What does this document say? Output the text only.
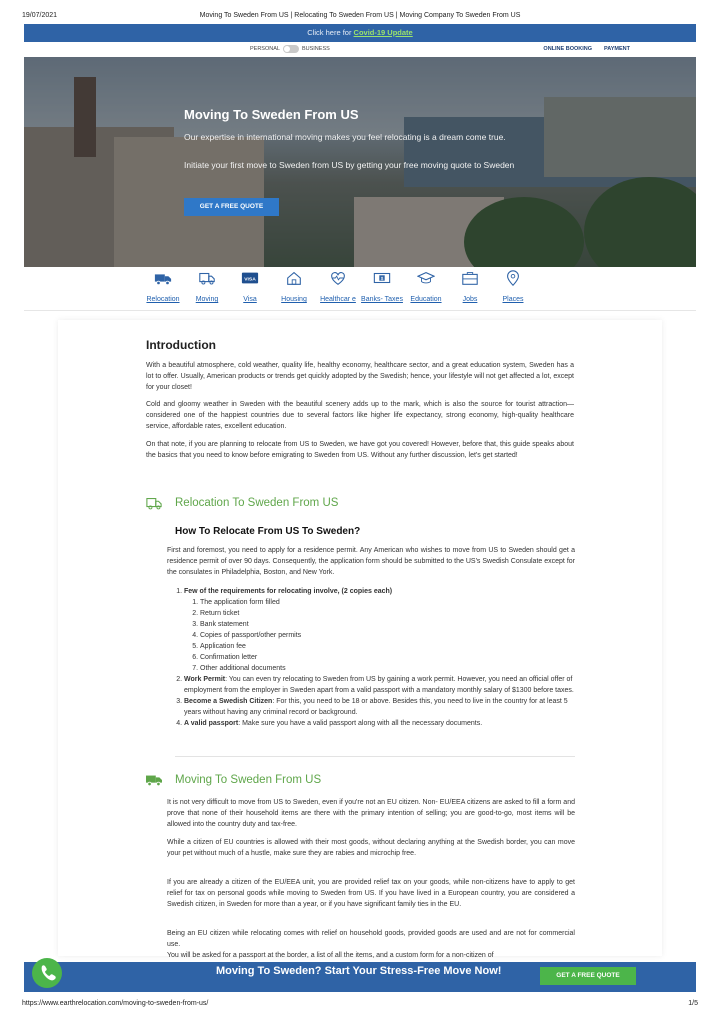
19/07/2021	Moving To Sweden From US | Relocating To Sweden From US | Moving Company To Sweden From US
Click here for Covid-19 Update
PERSONAL	BUSINESS	ONLINE BOOKING PAYMENT
Moving To Sweden From US

Our expertise in international moving makes you feel relocating is a dream come true.

Initiate your first move to Sweden from US by getting your free moving quote to Sweden

GET A FREE QUOTE
Relocation	Moving
VISA
Visa	Housing	Healthcar e
$
Banks- Taxes	Education	Jobs	Places
Introduction

With a beautiful atmosphere, cold weather, quality life, healthy economy, healthcare sector, and a great education system, Sweden has a lot to offer. Usually, American products or trends get quickly adopted by the Swedish; hence, your lifestyle will not get affected a lot, except for your closet!

Cold and gloomy weather in Sweden with the beautiful scenery adds up to the mark, which is also the source for tourist attraction—considered one of the happiest countries due to several factors like higher life expectancy, strong economy, high-quality healthcare service, affordable rates, excellent education.

On that note, if you are planning to relocate from US to Sweden, we have got you covered! However, before that, this guide speaks about the basics that you need to know before emigrating to Sweden from US. Without any further discussion, let's get started!

Relocation To Sweden From US
How To Relocate From US To Sweden?

First and foremost, you need to apply for a residence permit. Any American who wishes to move from US to Sweden should get a residence permit of over 90 days. Consequently, the application form should be submitted to the US's Swedish Consulate except for the consulates in Philadelphia, Boston, and New York.

1. Few of the requirements for relocating involve, (2 copies each)
1. The application form filled
2. Return ticket
3. Bank statement
4. Copies of passport/other permits
5. Application fee
6. Confirmation letter
7. Other additional documents
2. Work Permit: You can even try relocating to Sweden from US by gaining a work permit. However, you need an official offer of employment from the employer in Sweden apart from a valid passport with a mandatory monthly salary of $1300 before taxes.
3. Become a Swedish Citizen: For this, you need to be 18 or above. Besides this, you need to live in the country for at least 5 years without having any criminal record or background.
4. A valid passport: Make sure you have a valid passport along with all the necessary documents.
Moving To Sweden From US

It is not very difficult to move from US to Sweden, even if you're not an EU citizen. Non- EU/EEA citizens are asked to fill a form and prove that none of their household items are there with the primary intention of selling; you are good-to-go, most items will be allowed into the country duty and tax-free.

While a citizen of EU countries is allowed with their most goods, without declaring anything at the Swedish border, you can move your pet without much of a hustle, make sure they are rabies and microchip free.

If you are already a citizen of the EU/EEA unit, you are provided relief tax on your goods, while non-citizens have to apply to get relief for tax on personal goods while moving to Sweden from US. If you have lived in a European country, you are considered a Swedish citizen, in Sweden for more than a year, or if you have significant family ties in the EU.

Being an EU citizen while relocating comes with relief on household goods, provided goods are used and are not for commercial use.

You will be asked for a passport at the border, a list of all the items, and a custom form for a non-citizen of

Moving To Sweden? Start Your Stress-Free Move Now!	GET A FREE QUOTE
https://www.earthrelocation.com/moving-to-sweden-from-us/	1/5
